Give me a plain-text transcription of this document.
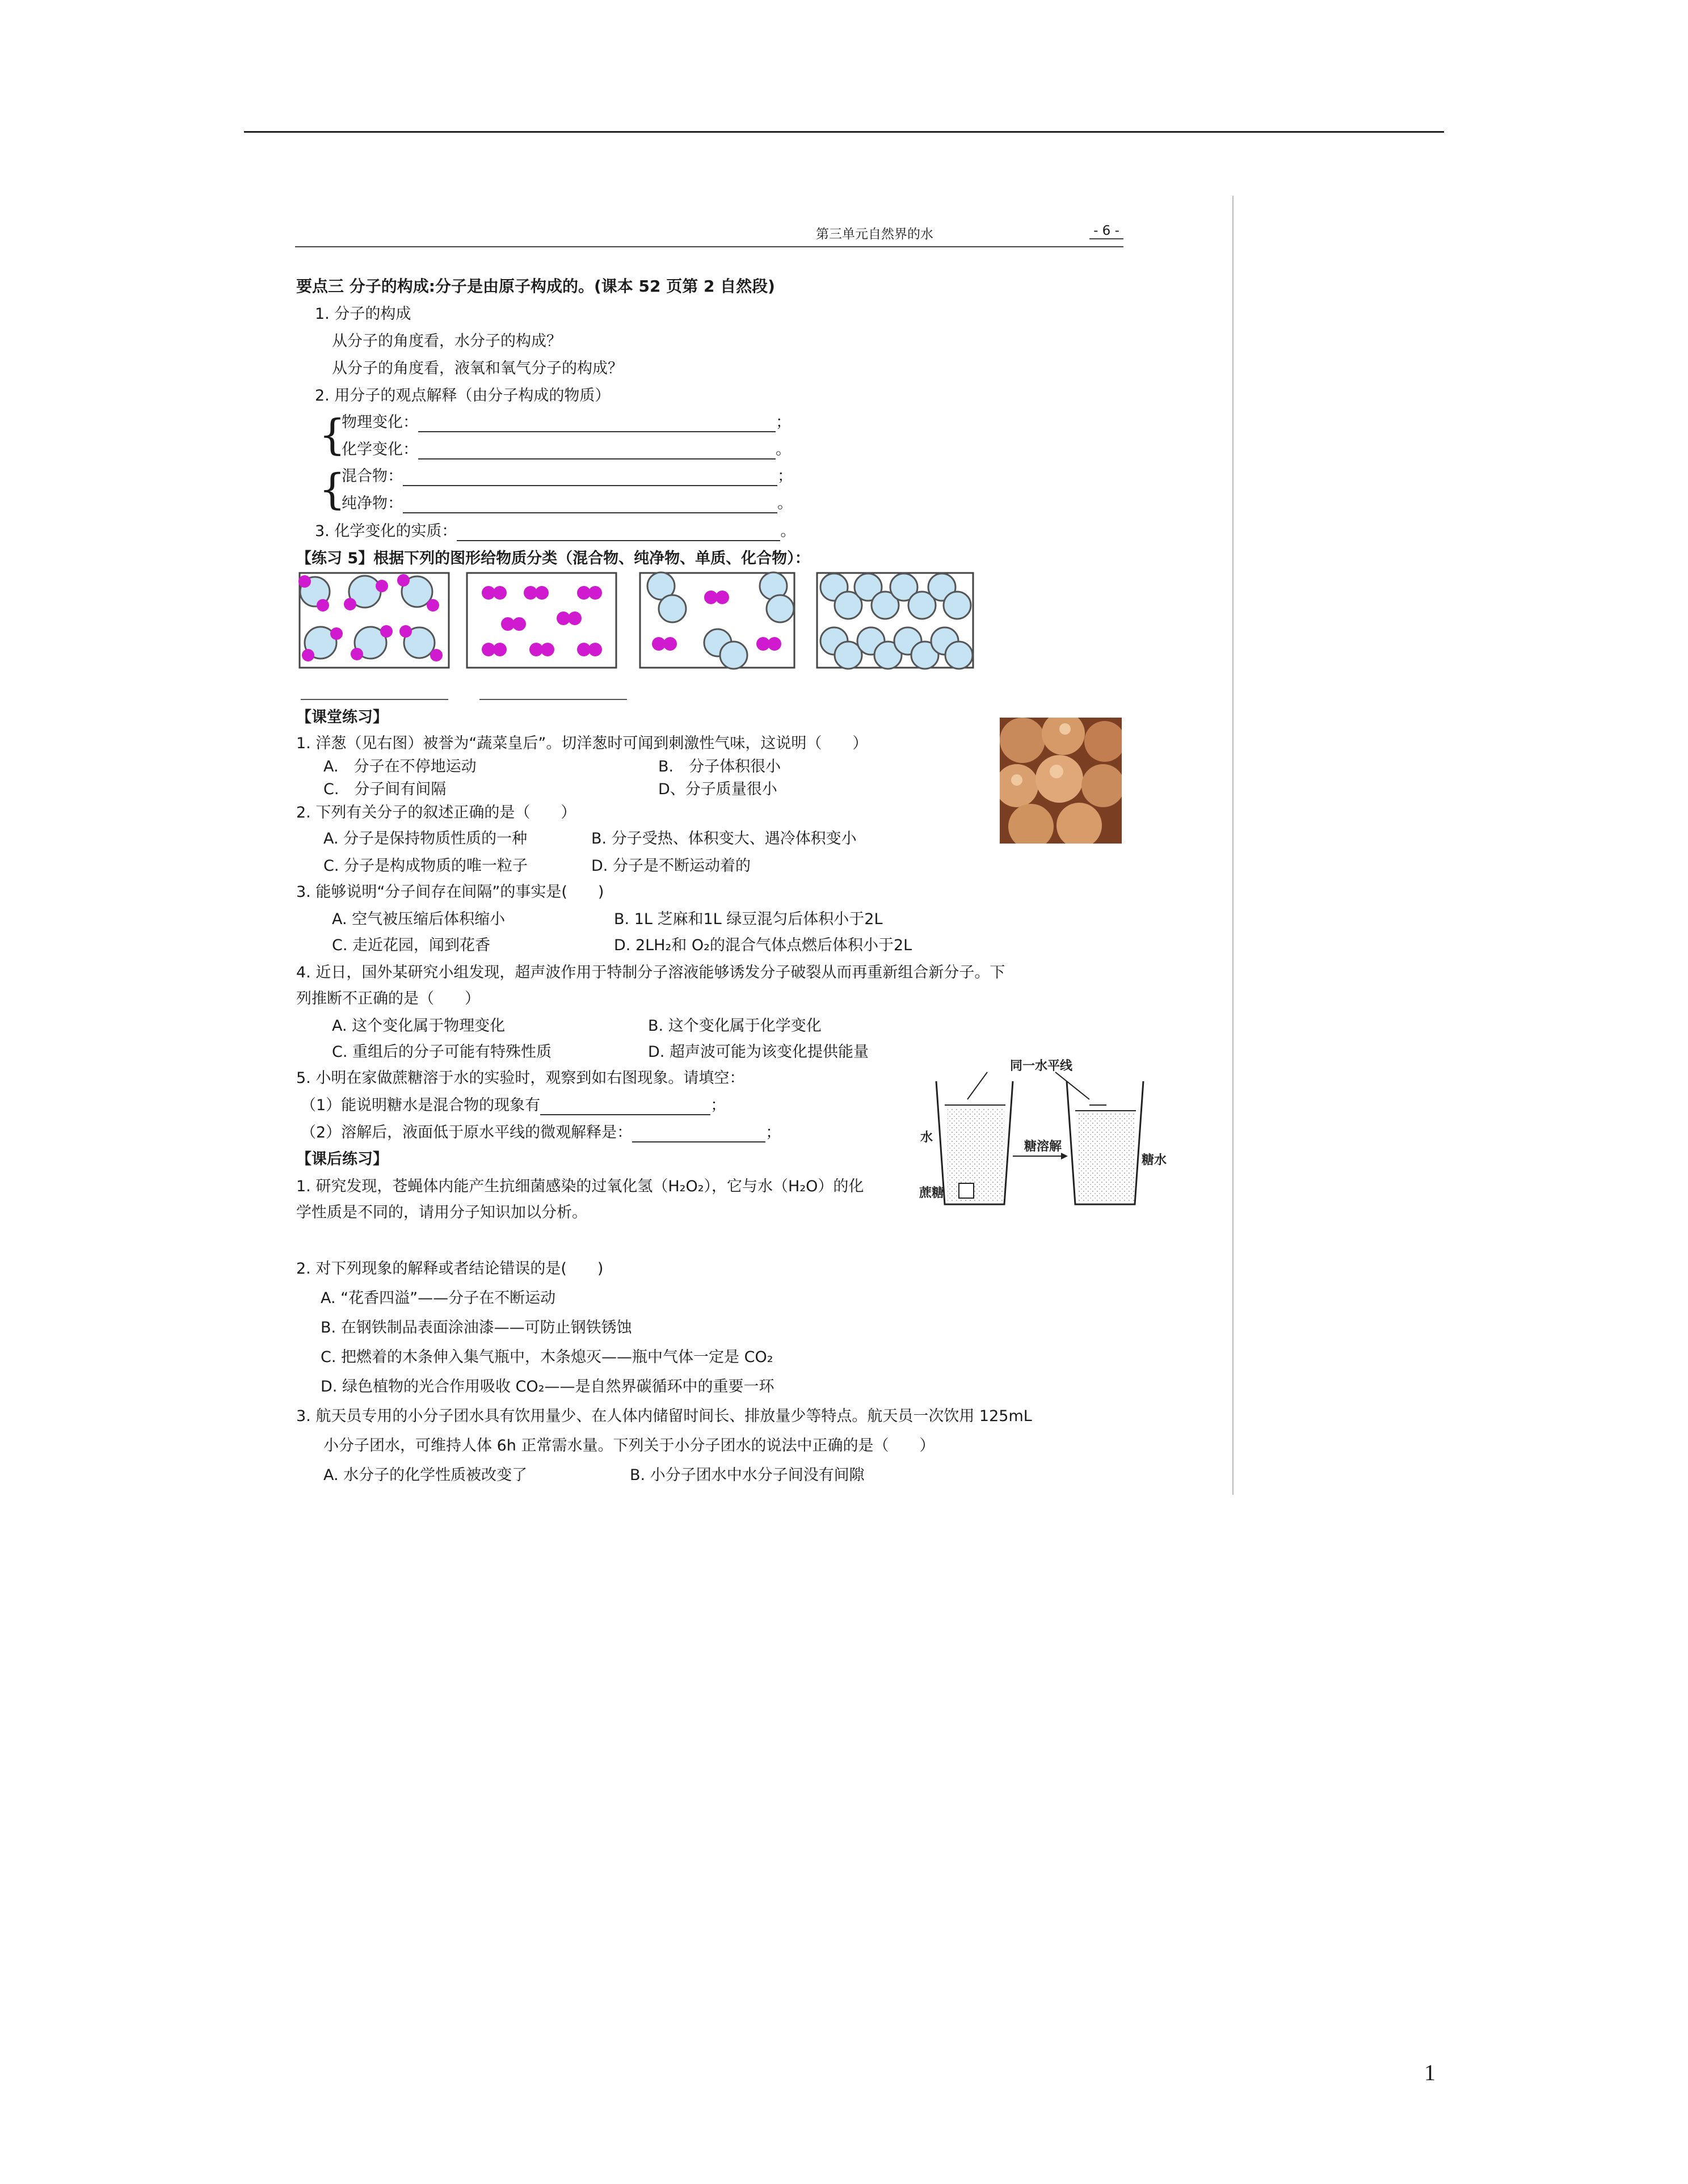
第三单元自然界的水	- 6 -
要点三 分子的构成:分子是由原子构成的。(课本 52 页第 2 自然段)
1. 分子的构成
从分子的角度看，水分子的构成？
从分子的角度看，液氧和氧气分子的构成？
2. 用分子的观点解释（由分子构成的物质）
{
物理变化：	；
化学变化：	。
{
混合物：	；
纯净物：	。
3. 化学变化的实质：	。
【练习 5】根据下列的图形给物质分类（混合物、纯净物、单质、化合物）：
【课堂练习】
1. 洋葱（见右图）被誉为“蔬菜皇后”。切洋葱时可闻到刺激性气味，这说明（　　）
A.　分子在不停地运动	B.　分子体积很小
C.　分子间有间隔	D、分子质量很小
2. 下列有关分子的叙述正确的是（　　）
A. 分子是保持物质性质的一种	B. 分子受热、体积变大、遇冷体积变小
C. 分子是构成物质的唯一粒子	D. 分子是不断运动着的
3. 能够说明“分子间存在间隔”的事实是(　　)
A. 空气被压缩后体积缩小	B. 1L 芝麻和1L 绿豆混匀后体积小于2L
C. 走近花园，闻到花香	D. 2LH₂和 O₂的混合气体点燃后体积小于2L
4. 近日，国外某研究小组发现，超声波作用于特制分子溶液能够诱发分子破裂从而再重新组合新分子。下
列推断不正确的是（　　）
A. 这个变化属于物理变化	B. 这个变化属于化学变化
C. 重组后的分子可能有特殊性质	D. 超声波可能为该变化提供能量
5. 小明在家做蔗糖溶于水的实验时，观察到如右图现象。请填空：
（1）能说明糖水是混合物的现象有	；
（2）溶解后，液面低于原水平线的微观解释是：	；
同一水平线
糖溶解
水
蔗糖
糖水
【课后练习】
1. 研究发现，苍蝇体内能产生抗细菌感染的过氧化氢（H₂O₂），它与水（H₂O）的化
学性质是不同的，请用分子知识加以分析。
2. 对下列现象的解释或者结论错误的是(　　)
A. “花香四溢”——分子在不断运动
B. 在钢铁制品表面涂油漆——可防止钢铁锈蚀
C. 把燃着的木条伸入集气瓶中，木条熄灭——瓶中气体一定是 CO₂
D. 绿色植物的光合作用吸收 CO₂——是自然界碳循环中的重要一环
3. 航天员专用的小分子团水具有饮用量少、在人体内储留时间长、排放量少等特点。航天员一次饮用 125mL
小分子团水，可维持人体 6h 正常需水量。下列关于小分子团水的说法中正确的是（　　）
A. 水分子的化学性质被改变了	B. 小分子团水中水分子间没有间隙
1
